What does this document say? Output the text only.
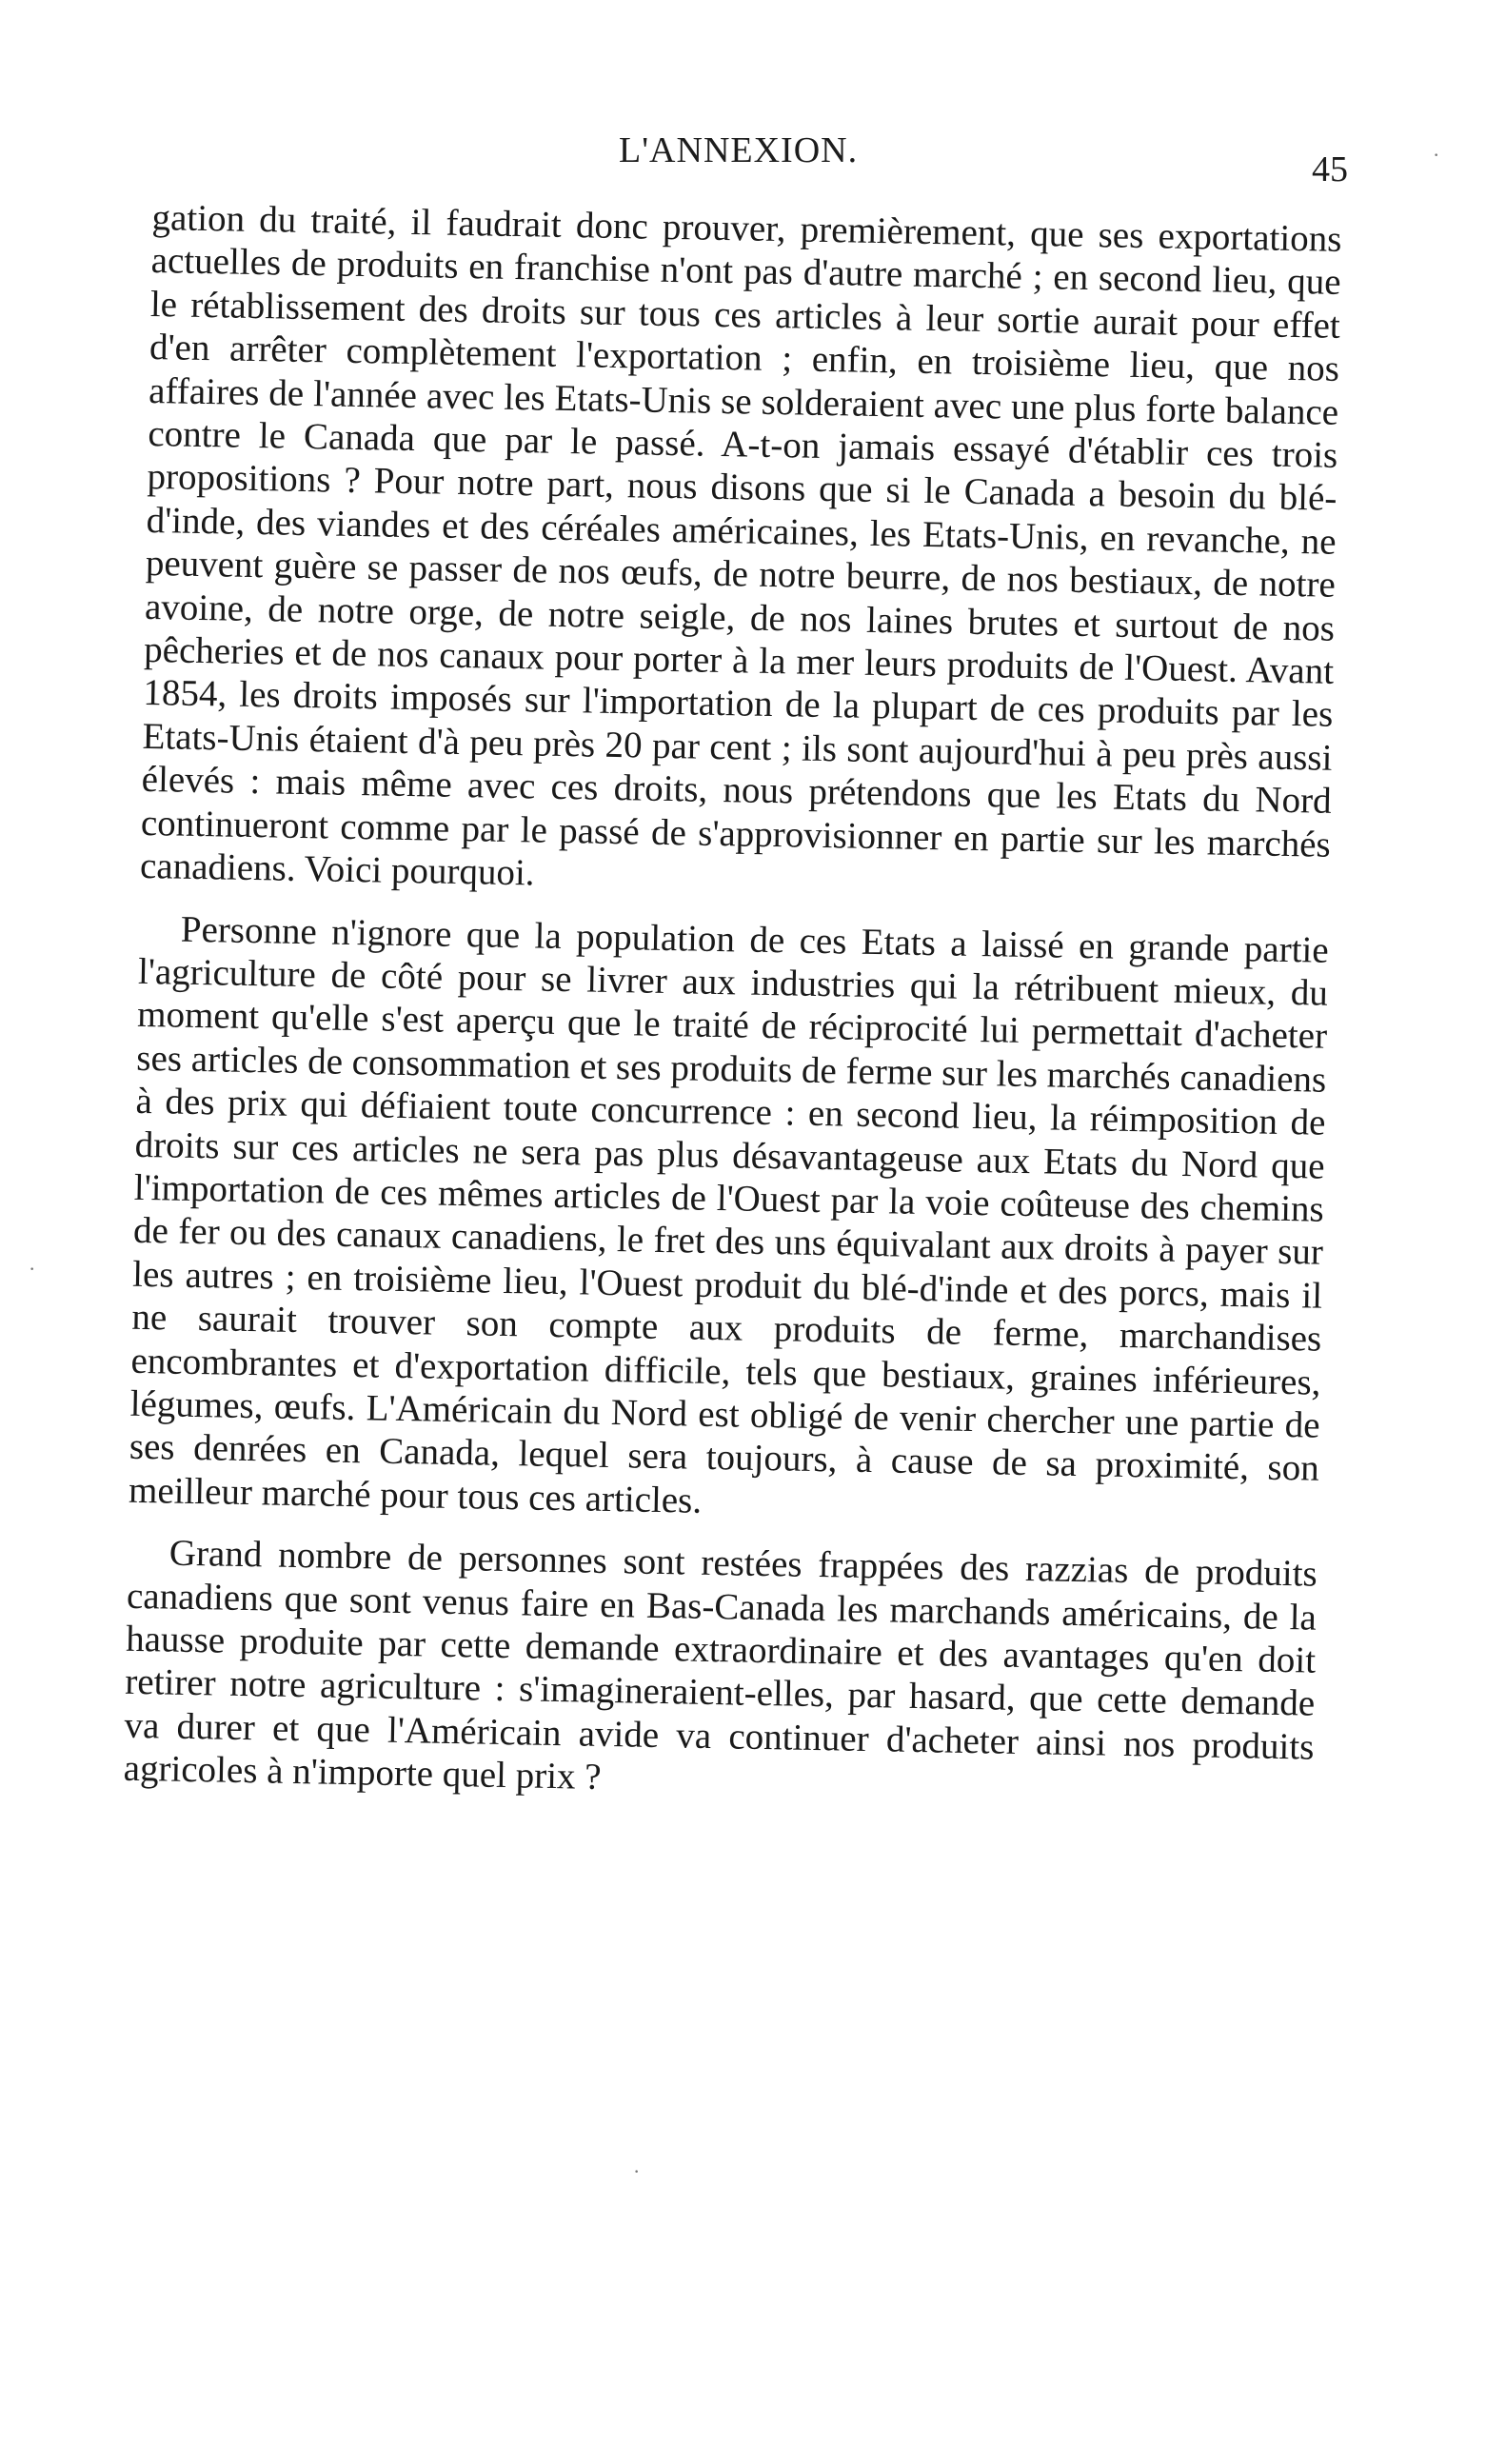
L'ANNEXION.	45

gation du traité, il faudrait donc prouver, premièrement, que ses exportations actuelles de produits en franchise n'ont pas d'autre marché ; en second lieu, que le rétablissement des droits sur tous ces articles à leur sortie aurait pour effet d'en arrêter complètement l'exportation ; enfin, en troisième lieu, que nos affaires de l'année avec les Etats-Unis se solderaient avec une plus forte balance contre le Canada que par le passé. A-t-on jamais essayé d'établir ces trois propositions ? Pour notre part, nous disons que si le Canada a besoin du blé-d'inde, des viandes et des céréales américaines, les Etats-Unis, en revanche, ne peuvent guère se passer de nos œufs, de notre beurre, de nos bestiaux, de notre avoine, de notre orge, de notre seigle, de nos laines brutes et surtout de nos pêcheries et de nos canaux pour porter à la mer leurs produits de l'Ouest. Avant 1854, les droits imposés sur l'importation de la plupart de ces produits par les Etats-Unis étaient d'à peu près 20 par cent ; ils sont aujourd'hui à peu près aussi élevés : mais même avec ces droits, nous prétendons que les Etats du Nord continueront comme par le passé de s'approvisionner en partie sur les marchés canadiens. Voici pourquoi.

Personne n'ignore que la population de ces Etats a laissé en grande partie l'agriculture de côté pour se livrer aux industries qui la rétribuent mieux, du moment qu'elle s'est aperçu que le traité de réciprocité lui permettait d'acheter ses articles de consommation et ses produits de ferme sur les marchés canadiens à des prix qui défiaient toute concurrence : en second lieu, la réimposition de droits sur ces articles ne sera pas plus désavantageuse aux Etats du Nord que l'importation de ces mêmes articles de l'Ouest par la voie coûteuse des chemins de fer ou des canaux canadiens, le fret des uns équivalant aux droits à payer sur les autres ; en troisième lieu, l'Ouest produit du blé-d'inde et des porcs, mais il ne saurait trouver son compte aux produits de ferme, marchandises encombrantes et d'exportation difficile, tels que bestiaux, graines inférieures, légumes, œufs. L'Américain du Nord est obligé de venir chercher une partie de ses denrées en Canada, lequel sera toujours, à cause de sa proximité, son meilleur marché pour tous ces articles.

Grand nombre de personnes sont restées frappées des razzias de produits canadiens que sont venus faire en Bas-Canada les marchands américains, de la hausse produite par cette demande extraordinaire et des avantages qu'en doit retirer notre agriculture : s'imagineraient-elles, par hasard, que cette demande va durer et que l'Américain avide va continuer d'acheter ainsi nos produits agricoles à n'importe quel prix ?

·
·
·
